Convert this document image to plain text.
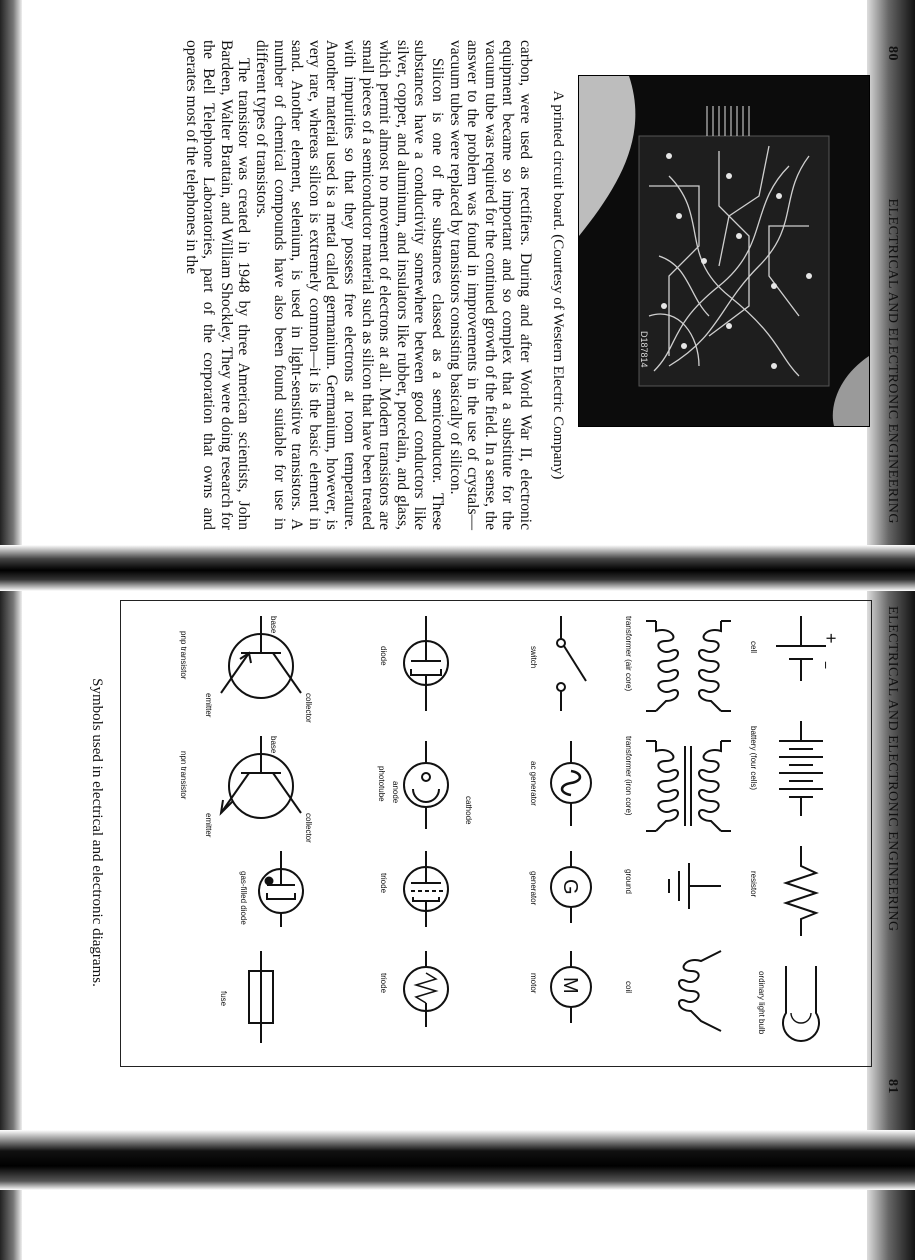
80
ELECTRICAL AND ELECTRONIC ENGINEERING
D187814
A printed circuit board. (Courtesy of Western Electric Company)

carbon, were used as rectifiers. During and after World War II, electronic equipment became so important and so complex that a substitute for the vacuum tube was required for the continued growth of the field. In a sense, the answer to the problem was found in improvements in the use of crystals—vacuum tubes were replaced by transistors consisting basically of silicon.

Silicon is one of the substances classed as a semiconductor. These substances have a conductivity somewhere between good conductors like silver, copper, and aluminum, and insulators like rubber, porcelain, and glass, which permit almost no movement of electrons at all. Modern transistors are small pieces of a semiconductor material such as silicon that have been treated with impurities so that they possess free electrons at room temperature. Another material used is a metal called germanium. Germanium, however, is very rare, whereas silicon is extremely common—it is the basic element in sand. Another element, selenium, is used in light-sensitive transistors. A number of chemical compounds have also been found suitable for use in different types of transistors.

The transistor was created in 1948 by three American scientists, John Bardeen, Walter Brattain, and William Shockley. They were doing research for the Bell Telephone Laboratories, part of the corporation that owns and operates most of the telephones in the

ELECTRICAL AND ELECTRONIC ENGINEERING
81
+
−
cell
battery (four cells)
resistor
ordinary light bulb
transformer (air core)
transformer (iron core)
ground
coil
switch
ac generator
G
generator
M
motor
diode
cathode
anode
phototube
triode
triode
base
collector
emitter
pnp transistor
base
collector
emitter
npn transistor
gas-filled diode
fuse
Symbols used in electrical and electronic diagrams.
